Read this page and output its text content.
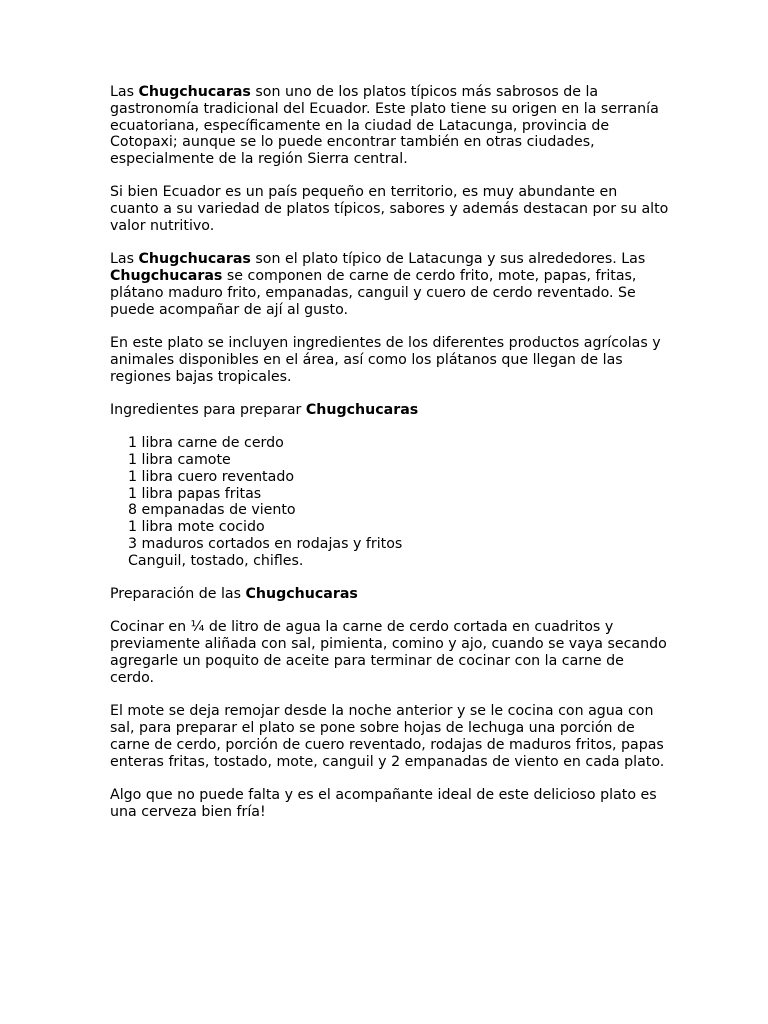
Las Chugchucaras son uno de los platos típicos más sabrosos de la gastronomía tradicional del Ecuador. Este plato tiene su origen en la serranía ecuatoriana, específicamente en la ciudad de Latacunga, provincia de Cotopaxi; aunque se lo puede encontrar también en otras ciudades, especialmente de la región Sierra central.

Si bien Ecuador es un país pequeño en territorio, es muy abundante en cuanto a su variedad de platos típicos, sabores y además destacan por su alto valor nutritivo.

Las Chugchucaras son el plato típico de Latacunga y sus alrededores. Las Chugchucaras se componen de carne de cerdo frito, mote, papas, fritas, plátano maduro frito, empanadas, canguil y cuero de cerdo reventado. Se puede acompañar de ají al gusto.

En este plato se incluyen ingredientes de los diferentes productos agrícolas y animales disponibles en el área, así como los plátanos que llegan de las regiones bajas tropicales.

Ingredientes para preparar Chugchucaras

1 libra carne de cerdo
1 libra camote
1 libra cuero reventado
1 libra papas fritas
8 empanadas de viento
1 libra mote cocido
3 maduros cortados en rodajas y fritos
Canguil, tostado, chifles.

Preparación de las Chugchucaras

Cocinar en ¼ de litro de agua la carne de cerdo cortada en cuadritos y previamente aliñada con sal, pimienta, comino y ajo, cuando se vaya secando agregarle un poquito de aceite para terminar de cocinar con la carne de cerdo.

El mote se deja remojar desde la noche anterior y se le cocina con agua con sal, para preparar el plato se pone sobre hojas de lechuga una porción de carne de cerdo, porción de cuero reventado, rodajas de maduros fritos, papas enteras fritas, tostado, mote, canguil y 2 empanadas de viento en cada plato.

Algo que no puede falta y es el acompañante ideal de este delicioso plato es una cerveza bien fría!
